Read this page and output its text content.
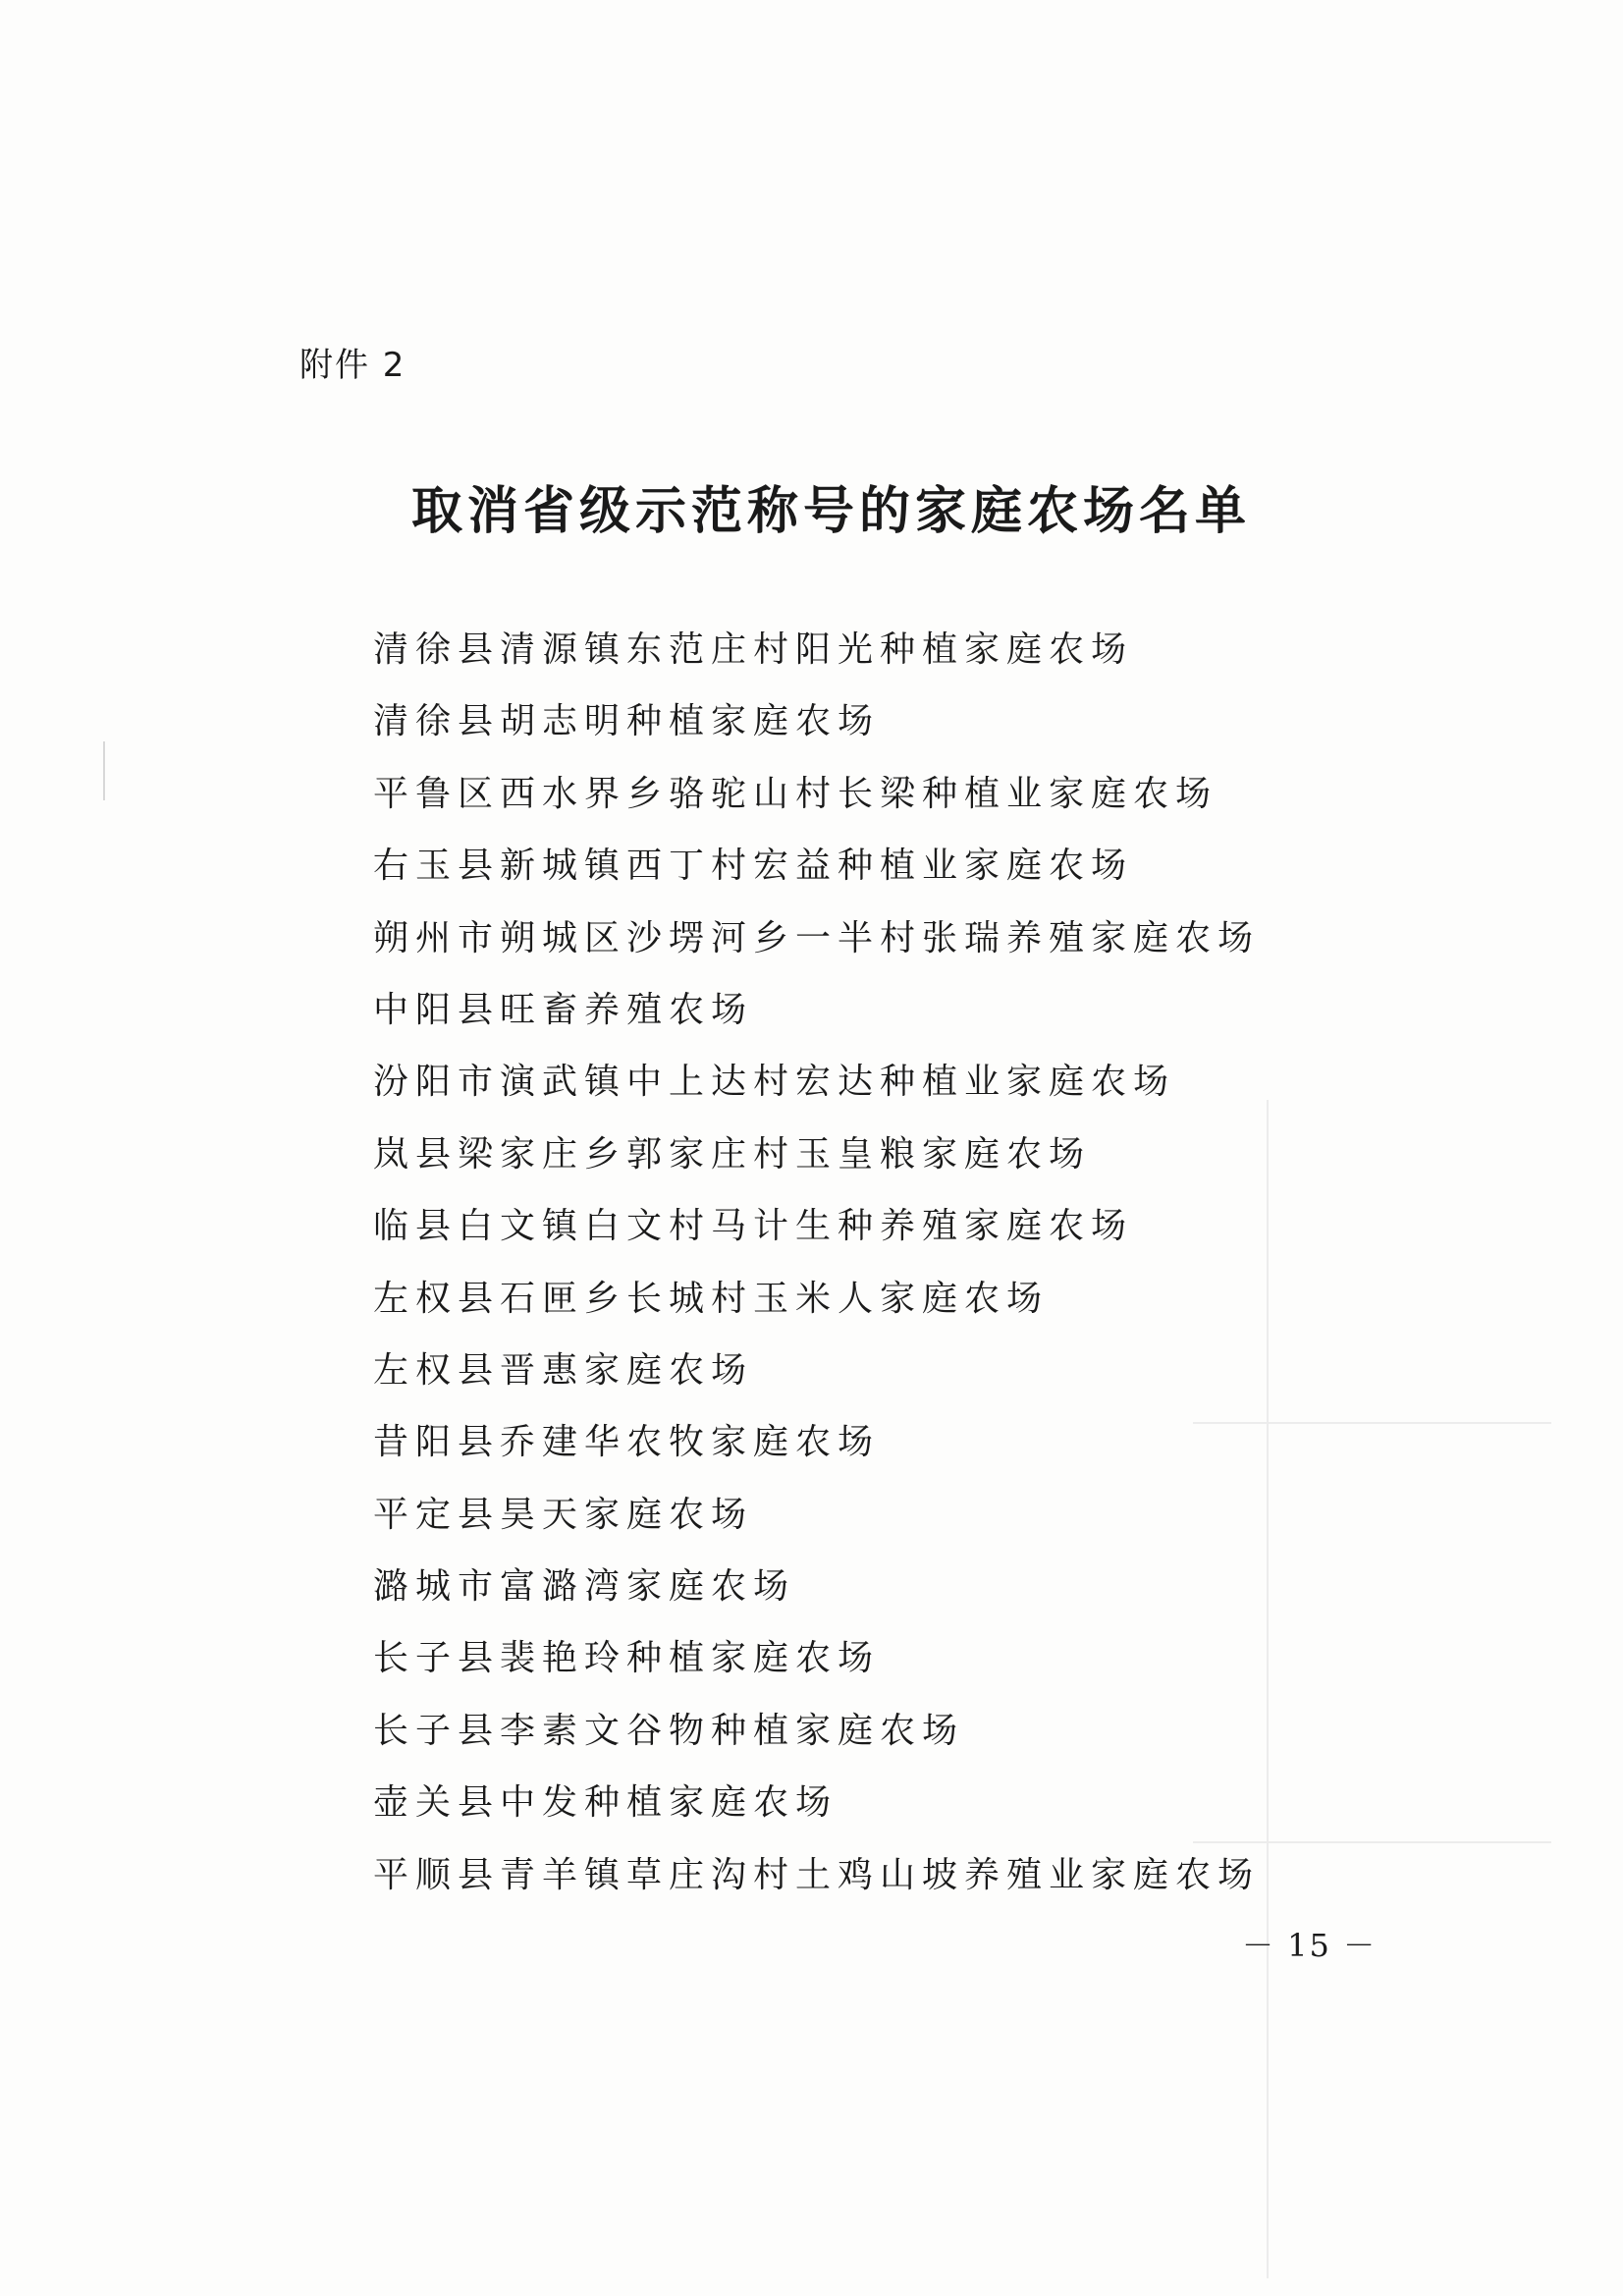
附件 2
取消省级示范称号的家庭农场名单
清徐县清源镇东范庄村阳光种植家庭农场
清徐县胡志明种植家庭农场
平鲁区西水界乡骆驼山村长梁种植业家庭农场
右玉县新城镇西丁村宏益种植业家庭农场
朔州市朔城区沙塄河乡一半村张瑞养殖家庭农场
中阳县旺畜养殖农场
汾阳市演武镇中上达村宏达种植业家庭农场
岚县梁家庄乡郭家庄村玉皇粮家庭农场
临县白文镇白文村马计生种养殖家庭农场
左权县石匣乡长城村玉米人家庭农场
左权县晋惠家庭农场
昔阳县乔建华农牧家庭农场
平定县昊天家庭农场
潞城市富潞湾家庭农场
长子县裴艳玲种植家庭农场
长子县李素文谷物种植家庭农场
壶关县中发种植家庭农场
平顺县青羊镇草庄沟村土鸡山坡养殖业家庭农场
－ 15 －
